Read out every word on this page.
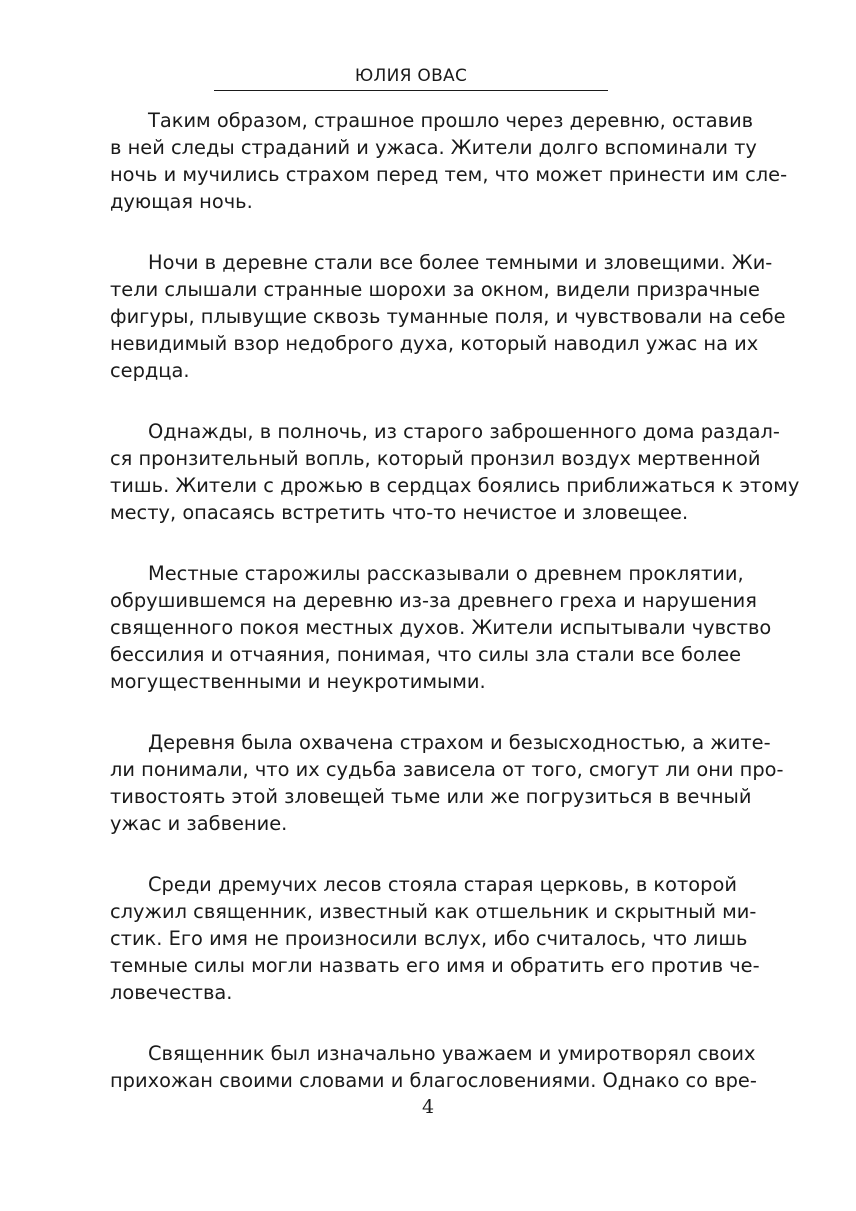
ЮЛИЯ ОВАС

Таким образом, страшное прошло через деревню, оставив
в ней следы страданий и ужаса. Жители долго вспоминали ту
ночь и мучились страхом перед тем, что может принести им сле-
дующая ночь.

Ночи в деревне стали все более темными и зловещими. Жи-
тели слышали странные шорохи за окном, видели призрачные
фигуры, плывущие сквозь туманные поля, и чувствовали на себе
невидимый взор недоброго духа, который наводил ужас на их
сердца.

Однажды, в полночь, из старого заброшенного дома раздал-
ся пронзительный вопль, который пронзил воздух мертвенной
тишь. Жители с дрожью в сердцах боялись приближаться к этому
месту, опасаясь встретить что-то нечистое и зловещее.

Местные старожилы рассказывали о древнем проклятии,
обрушившемся на деревню из-за древнего греха и нарушения
священного покоя местных духов. Жители испытывали чувство
бессилия и отчаяния, понимая, что силы зла стали все более
могущественными и неукротимыми.

Деревня была охвачена страхом и безысходностью, а жите-
ли понимали, что их судьба зависела от того, смогут ли они про-
тивостоять этой зловещей тьме или же погрузиться в вечный
ужас и забвение.

Среди дремучих лесов стояла старая церковь, в которой
служил священник, известный как отшельник и скрытный ми-
стик. Его имя не произносили вслух, ибо считалось, что лишь
темные силы могли назвать его имя и обратить его против че-
ловечества.

Священник был изначально уважаем и умиротворял своих
прихожан своими словами и благословениями. Однако со вре-

4
